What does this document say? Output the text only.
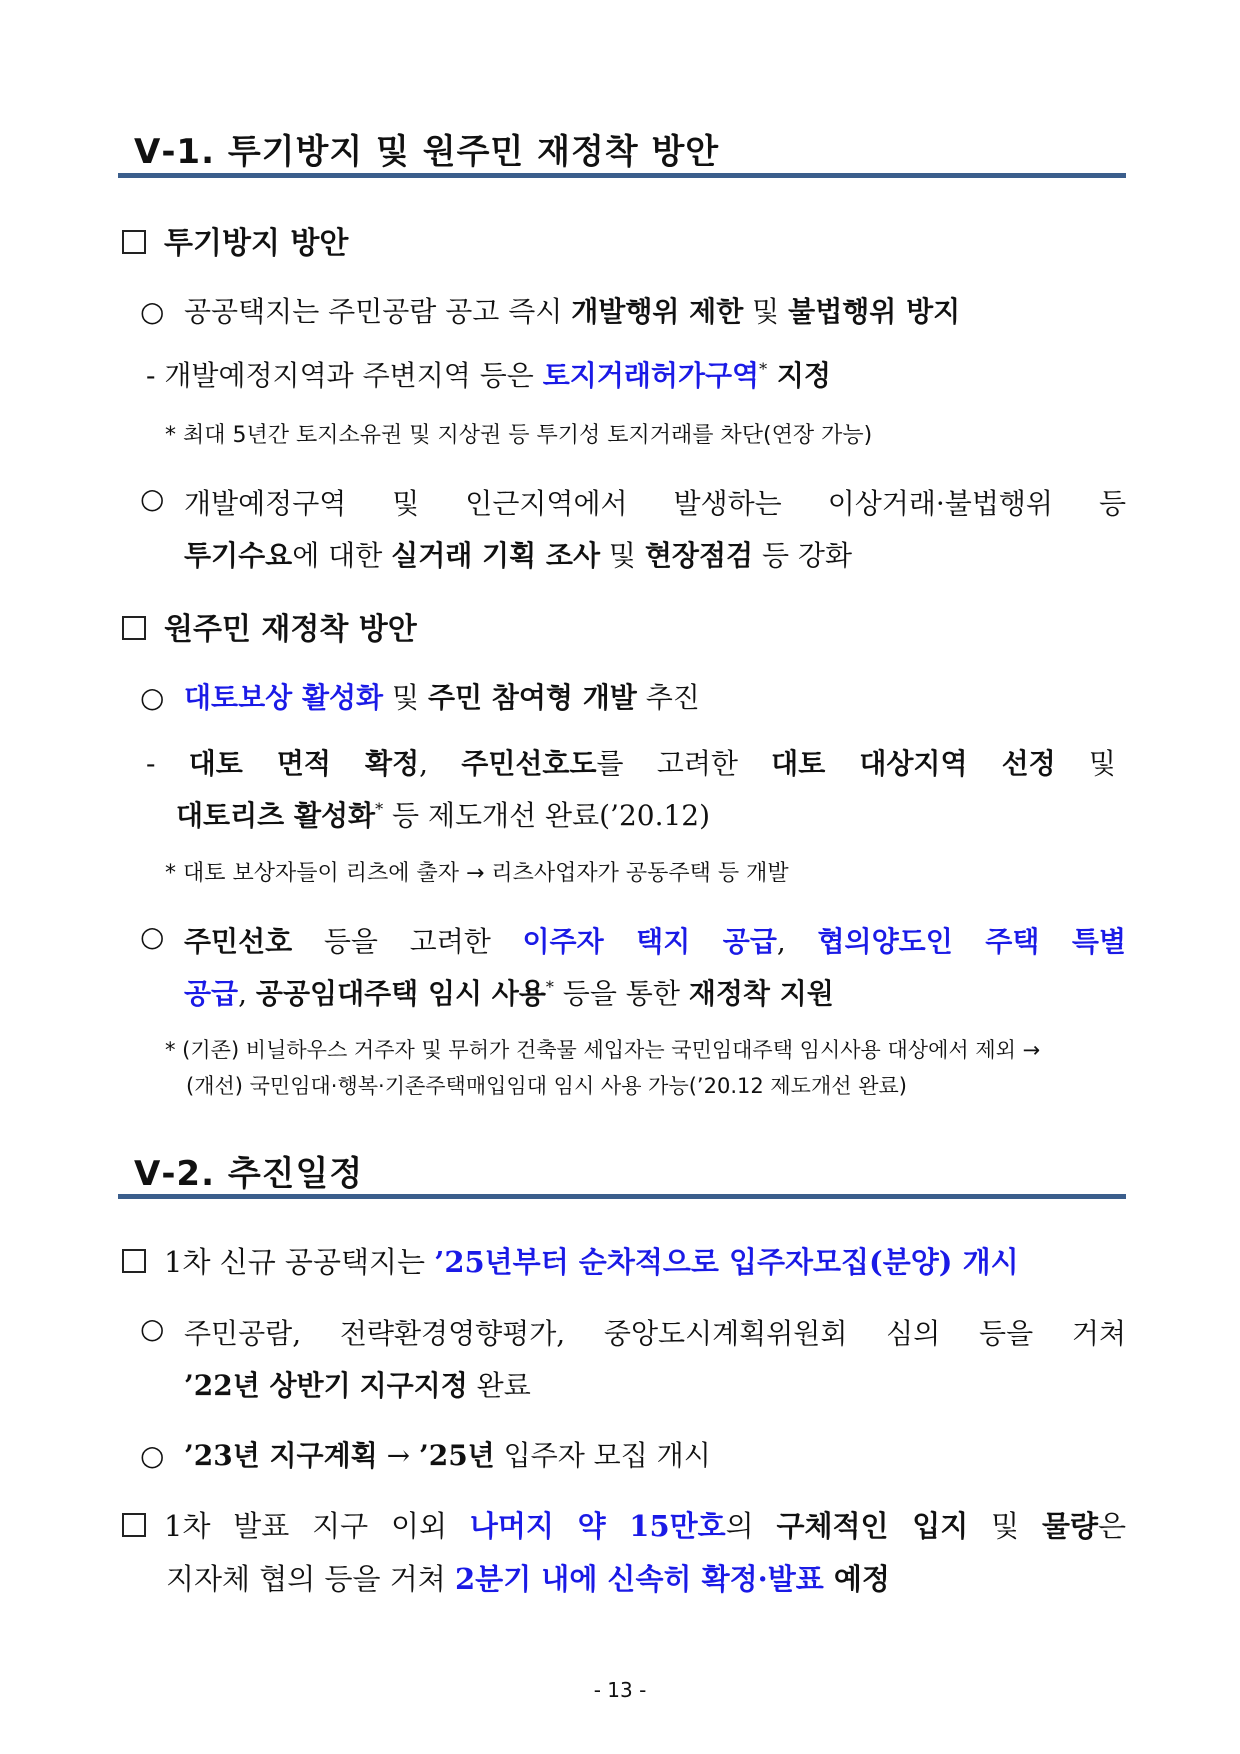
Ⅴ-1. 투기방지 및 원주민 재정착 방안
투기방지 방안
○ 공공택지는 주민공람 공고 즉시 개발행위 제한 및 불법행위 방지
- 개발예정지역과 주변지역 등은 토지거래허가구역* 지정
* 최대 5년간 토지소유권 및 지상권 등 투기성 토지거래를 차단(연장 가능)
○ 개발예정구역 및 인근지역에서 발생하는 이상거래·불법행위 등
투기수요에 대한 실거래 기획 조사 및 현장점검 등 강화
원주민 재정착 방안
○ 대토보상 활성화 및 주민 참여형 개발 추진
- 대토 면적 확정, 주민선호도를 고려한 대토 대상지역 선정 및
대토리츠 활성화* 등 제도개선 완료(’20.12)
* 대토 보상자들이 리츠에 출자 → 리츠사업자가 공동주택 등 개발
○ 주민선호 등을 고려한 이주자 택지 공급, 협의양도인 주택 특별
공급, 공공임대주택 임시 사용* 등을 통한 재정착 지원
* (기존) 비닐하우스 거주자 및 무허가 건축물 세입자는 국민임대주택 임시사용 대상에서 제외 →
(개선) 국민임대·행복·기존주택매입임대 임시 사용 가능(’20.12 제도개선 완료)
Ⅴ-2. 추진일정
1차 신규 공공택지는 ’25년부터 순차적으로 입주자모집(분양) 개시
○ 주민공람, 전략환경영향평가, 중앙도시계획위원회 심의 등을 거쳐
’22년 상반기 지구지정 완료
○ ’23년 지구계획 → ’25년 입주자 모집 개시
1차 발표 지구 이외 나머지 약 15만호의 구체적인 입지 및 물량은
지자체 협의 등을 거쳐 2분기 내에 신속히 확정·발표 예정
- 13 -
